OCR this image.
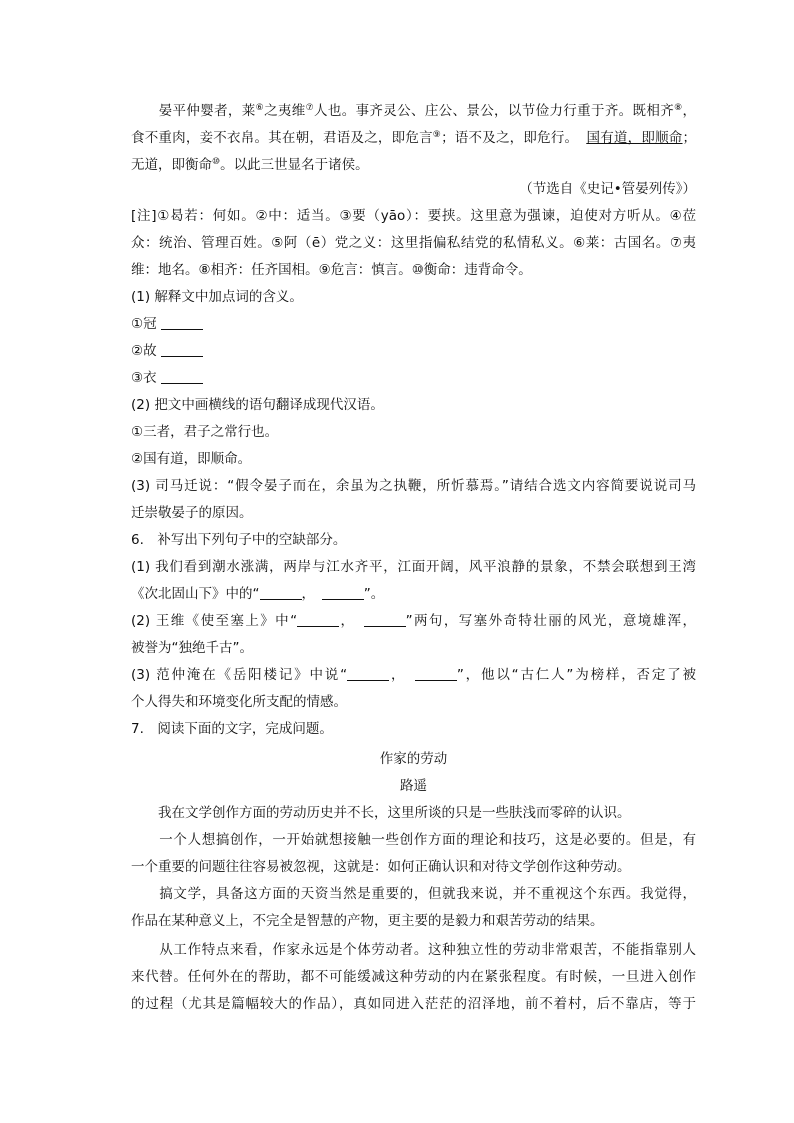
　　晏平仲婴者，莱⑥之夷维⑦人也。事齐灵公、庄公、景公，以节俭力行重于齐。既相齐⑧，
食不重肉，妾不衣帛。其在朝，君语及之，即危言⑨；语不及之，即危行。 国有道，即顺命；
无道，即衡命⑩。以此三世显名于诸侯。
（节选自《史记•管晏列传》）
[注]①曷若：何如。②中：适当。③要（yāo）：要挟。这里意为强谏，迫使对方听从。④莅
众：统治、管理百姓。⑤阿（ē）党之义：这里指偏私结党的私情私义。⑥莱：古国名。⑦夷
维：地名。⑧相齐：任齐国相。⑨危言：慎言。⑩衡命：违背命令。
(1) 解释文中加点词的含义。
①冠
②故
③衣
(2) 把文中画横线的语句翻译成现代汉语。
①三者，君子之常行也。
②国有道，即顺命。
(3) 司马迁说：“假令晏子而在，余虽为之执鞭，所忻慕焉。”请结合选文内容简要说说司马
迁崇敬晏子的原因。
6.　补写出下列句子中的空缺部分。
(1) 我们看到潮水涨满，两岸与江水齐平，江面开阔，风平浪静的景象，不禁会联想到王湾
《次北固山下》中的“	，　	”。
(2) 王维《使至塞上》中“	，　	”两句，写塞外奇特壮丽的风光，意境雄浑，
被誉为“独绝千古”。
(3) 范仲淹在《岳阳楼记》中说“	，　	”，他以“古仁人”为榜样，否定了被
个人得失和环境变化所支配的情感。
7.　阅读下面的文字，完成问题。
作家的劳动
路遥
　　我在文学创作方面的劳动历史并不长，这里所谈的只是一些肤浅而零碎的认识。
　　一个人想搞创作，一开始就想接触一些创作方面的理论和技巧，这是必要的。但是，有
一个重要的问题往往容易被忽视，这就是：如何正确认识和对待文学创作这种劳动。
　　搞文学，具备这方面的天资当然是重要的，但就我来说，并不重视这个东西。我觉得，
作品在某种意义上，不完全是智慧的产物，更主要的是毅力和艰苦劳动的结果。
　　从工作特点来看，作家永远是个体劳动者。这种独立性的劳动非常艰苦，不能指靠别人
来代替。任何外在的帮助，都不可能缓减这种劳动的内在紧张程度。有时候，一旦进入创作
的过程（尤其是篇幅较大的作品），真如同进入茫茫的沼泽地，前不着村，后不靠店，等于
